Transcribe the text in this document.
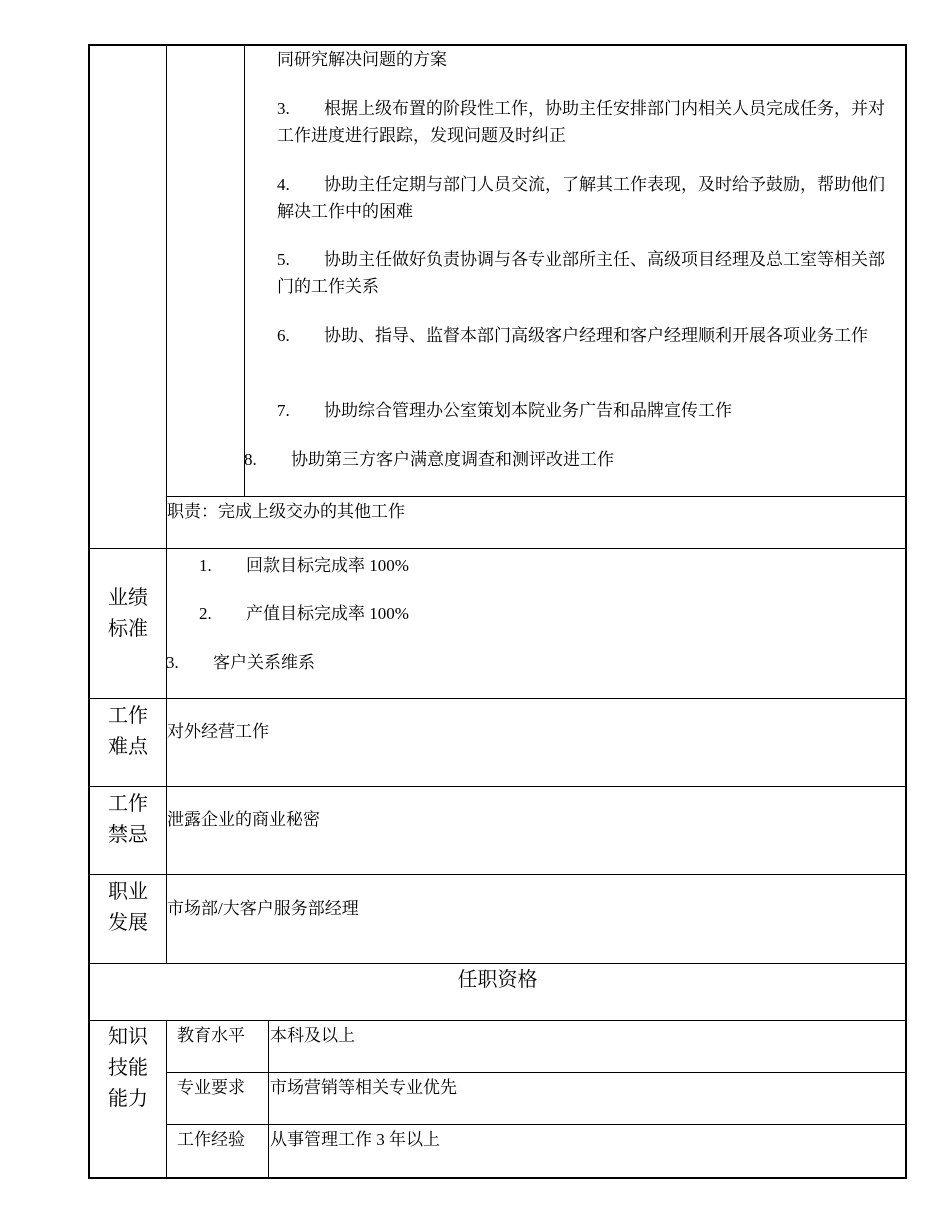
同研究解决问题的方案
3. 根据上级布置的阶段性工作，协助主任安排部门内相关人员完成任务，并对工作进度进行跟踪，发现问题及时纠正
4. 协助主任定期与部门人员交流，了解其工作表现，及时给予鼓励，帮助他们解决工作中的困难
5. 协助主任做好负责协调与各专业部所主任、高级项目经理及总工室等相关部门的工作关系
6. 协助、指导、监督本部门高级客户经理和客户经理顺利开展各项业务工作
7. 协助综合管理办公室策划本院业务广告和品牌宣传工作
8. 协助第三方客户满意度调查和测评改进工作
职责：完成上级交办的其他工作
业绩
标准
1. 回款目标完成率 100%
2. 产值目标完成率 100%
3. 客户关系维系
工作
难点
对外经营工作
工作
禁忌
泄露企业的商业秘密
职业
发展
市场部/大客户服务部经理
任职资格
知识
技能
能力
教育水平 本科及以上
专业要求 市场营销等相关专业优先
工作经验 从事管理工作 3 年以上
